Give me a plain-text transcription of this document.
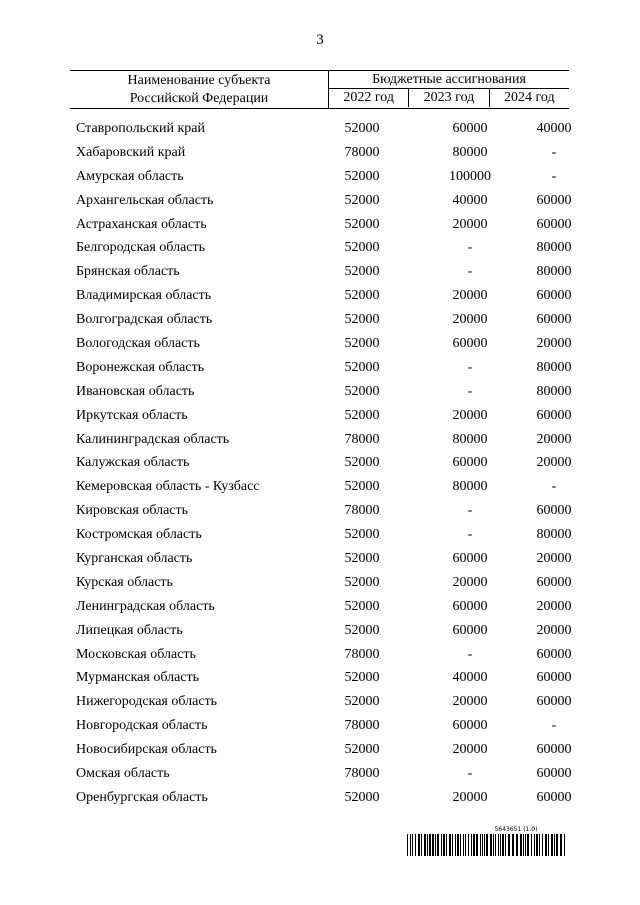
3
Наименование субъекта
Российской Федерации
Бюджетные ассигнования
2022 год	2023 год	2024 год
Ставропольский край	52000	60000	40000
Хабаровский край	78000	80000	-
Амурская область	52000	100000	-
Архангельская область	52000	40000	60000
Астраханская область	52000	20000	60000
Белгородская область	52000	-	80000
Брянская область	52000	-	80000
Владимирская область	52000	20000	60000
Волгоградская область	52000	20000	60000
Вологодская область	52000	60000	20000
Воронежская область	52000	-	80000
Ивановская область	52000	-	80000
Иркутская область	52000	20000	60000
Калининградская область	78000	80000	20000
Калужская область	52000	60000	20000
Кемеровская область - Кузбасс	52000	80000	-
Кировская область	78000	-	60000
Костромская область	52000	-	80000
Курганская область	52000	60000	20000
Курская область	52000	20000	60000
Ленинградская область	52000	60000	20000
Липецкая область	52000	60000	20000
Московская область	78000	-	60000
Мурманская область	52000	40000	60000
Нижегородская область	52000	20000	60000
Новгородская область	78000	60000	-
Новосибирская область	52000	20000	60000
Омская область	78000	-	60000
Оренбургская область	52000	20000	60000
5643651 (1.0)
